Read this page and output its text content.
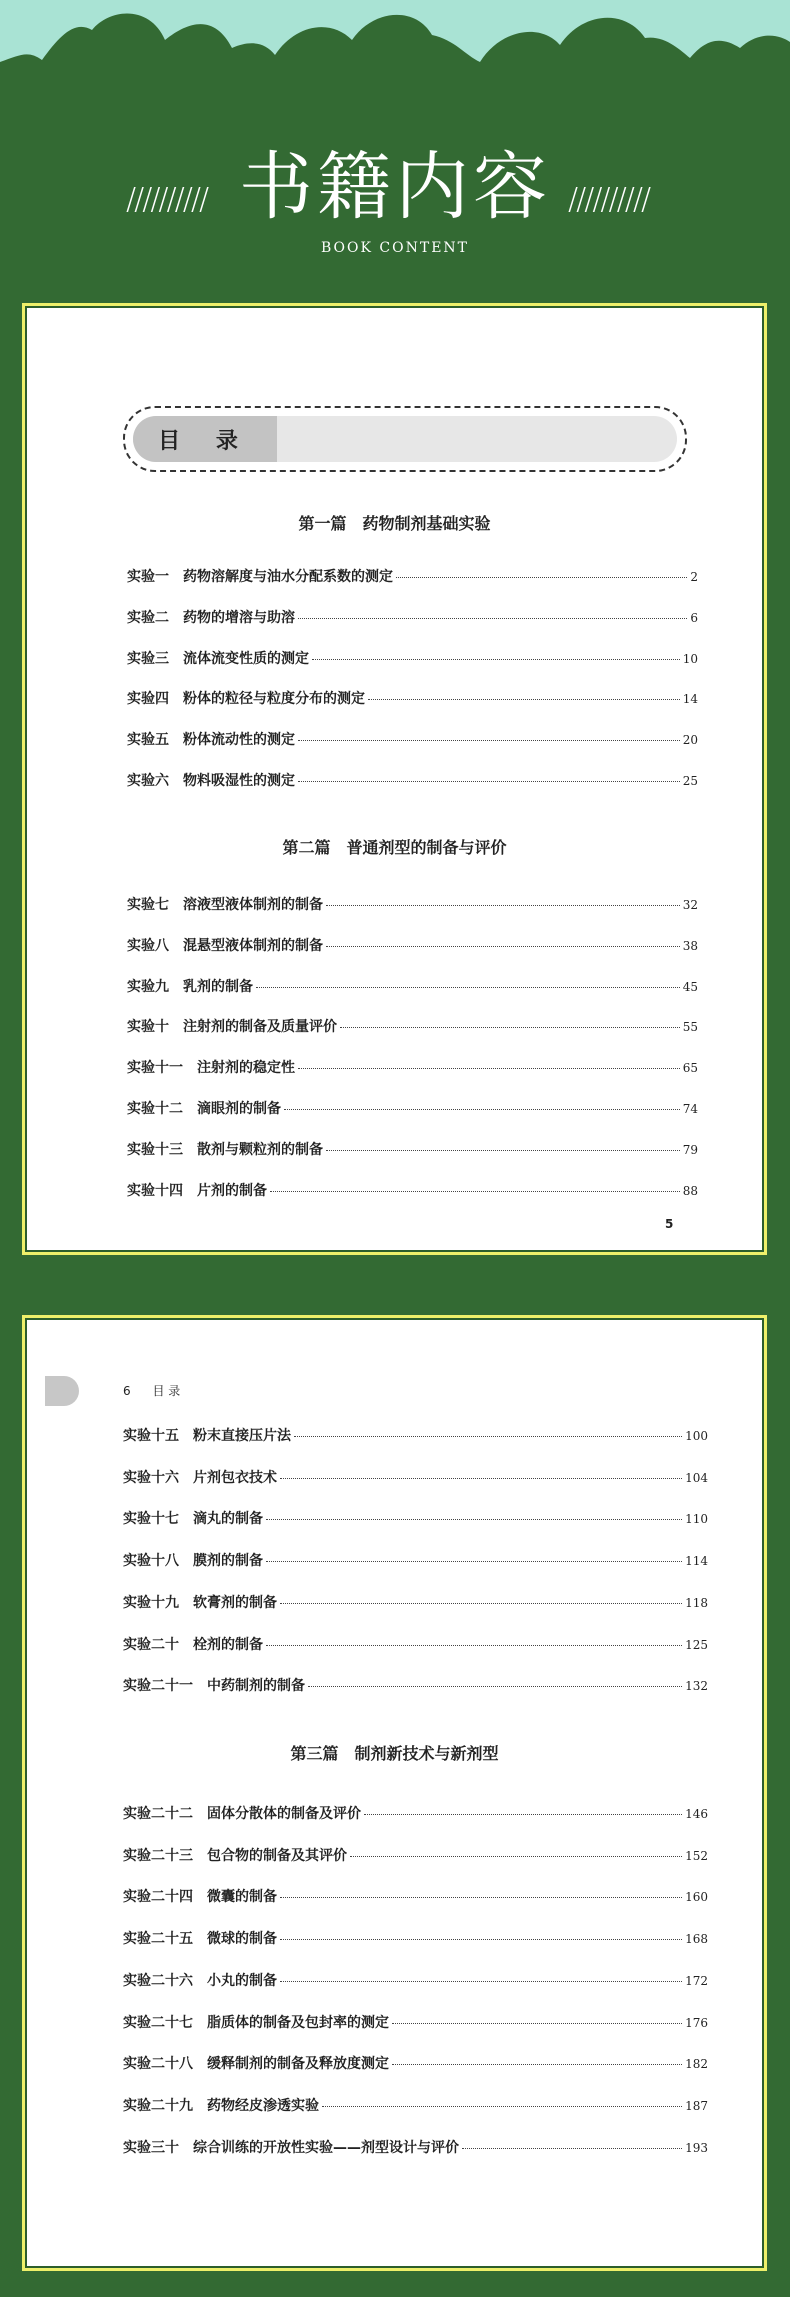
////////// 书籍内容 //////////
BOOK CONTENT
目 录
第一篇　药物制剂基础实验
实验一 药物溶解度与油水分配系数的测定	2
实验二 药物的增溶与助溶	6
实验三 流体流变性质的测定	10
实验四 粉体的粒径与粒度分布的测定	14
实验五 粉体流动性的测定	20
实验六 物料吸湿性的测定	25
第二篇　普通剂型的制备与评价
实验七 溶液型液体制剂的制备	32
实验八 混悬型液体制剂的制备	38
实验九 乳剂的制备	45
实验十 注射剂的制备及质量评价	55
实验十一 注射剂的稳定性	65
实验十二 滴眼剂的制备	74
实验十三 散剂与颗粒剂的制备	79
实验十四 片剂的制备	88
5
6 目 录
实验十五 粉末直接压片法	100
实验十六 片剂包衣技术	104
实验十七 滴丸的制备	110
实验十八 膜剂的制备	114
实验十九 软膏剂的制备	118
实验二十 栓剂的制备	125
实验二十一 中药制剂的制备	132
第三篇　制剂新技术与新剂型
实验二十二 固体分散体的制备及评价	146
实验二十三 包合物的制备及其评价	152
实验二十四 微囊的制备	160
实验二十五 微球的制备	168
实验二十六 小丸的制备	172
实验二十七 脂质体的制备及包封率的测定	176
实验二十八 缓释制剂的制备及释放度测定	182
实验二十九 药物经皮渗透实验	187
实验三十 综合训练的开放性实验——剂型设计与评价	193
